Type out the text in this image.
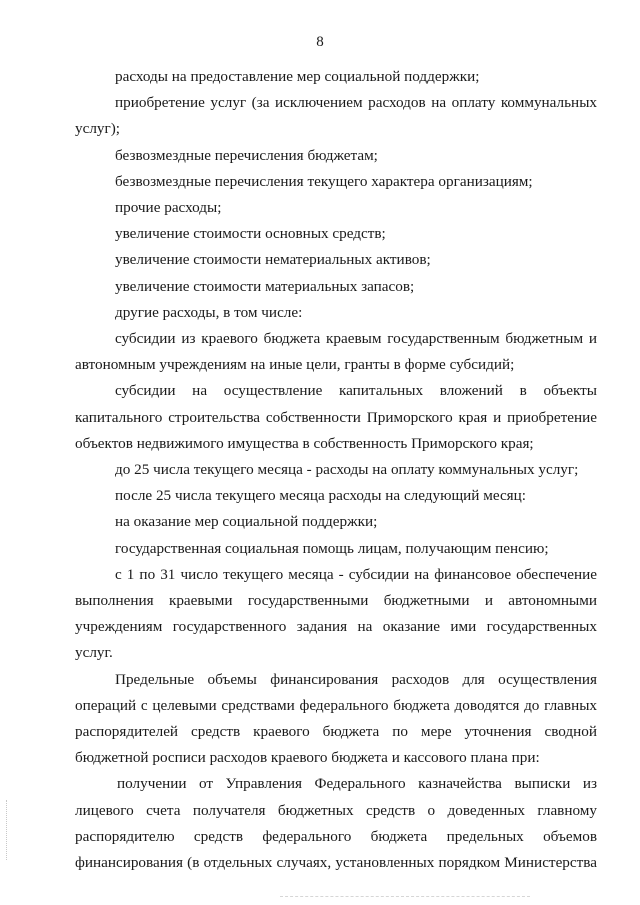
8

расходы на предоставление мер социальной поддержки;

приобретение услуг (за исключением расходов на оплату коммунальных услуг);

безвозмездные перечисления бюджетам;

безвозмездные перечисления текущего характера организациям;

прочие расходы;

увеличение стоимости основных средств;

увеличение стоимости нематериальных активов;

увеличение стоимости материальных запасов;

другие расходы, в том числе:

субсидии из краевого бюджета краевым государственным бюджетным и автономным учреждениям на иные цели, гранты в форме субсидий;

субсидии на осуществление капитальных вложений в объекты капитального строительства собственности Приморского края и приобретение объектов недвижимого имущества в собственность Приморского края;

до 25 числа текущего месяца - расходы на оплату коммунальных услуг;

после 25 числа текущего месяца расходы на следующий месяц:

на оказание мер социальной поддержки;

государственная социальная помощь лицам, получающим пенсию;

с 1 по 31 число текущего месяца - субсидии на финансовое обеспечение выполнения краевыми государственными бюджетными и автономными учреждениям государственного задания на оказание ими государственных услуг.

Предельные объемы финансирования расходов для осуществления операций с целевыми средствами федерального бюджета доводятся до главных распорядителей средств краевого бюджета по мере уточнения сводной бюджетной росписи расходов краевого бюджета и кассового плана при:

получении от Управления Федерального казначейства выписки из лицевого счета получателя бюджетных средств о доведенных главному распорядителю средств федерального бюджета предельных объемов финансирования (в отдельных случаях, установленных порядком Министерства
